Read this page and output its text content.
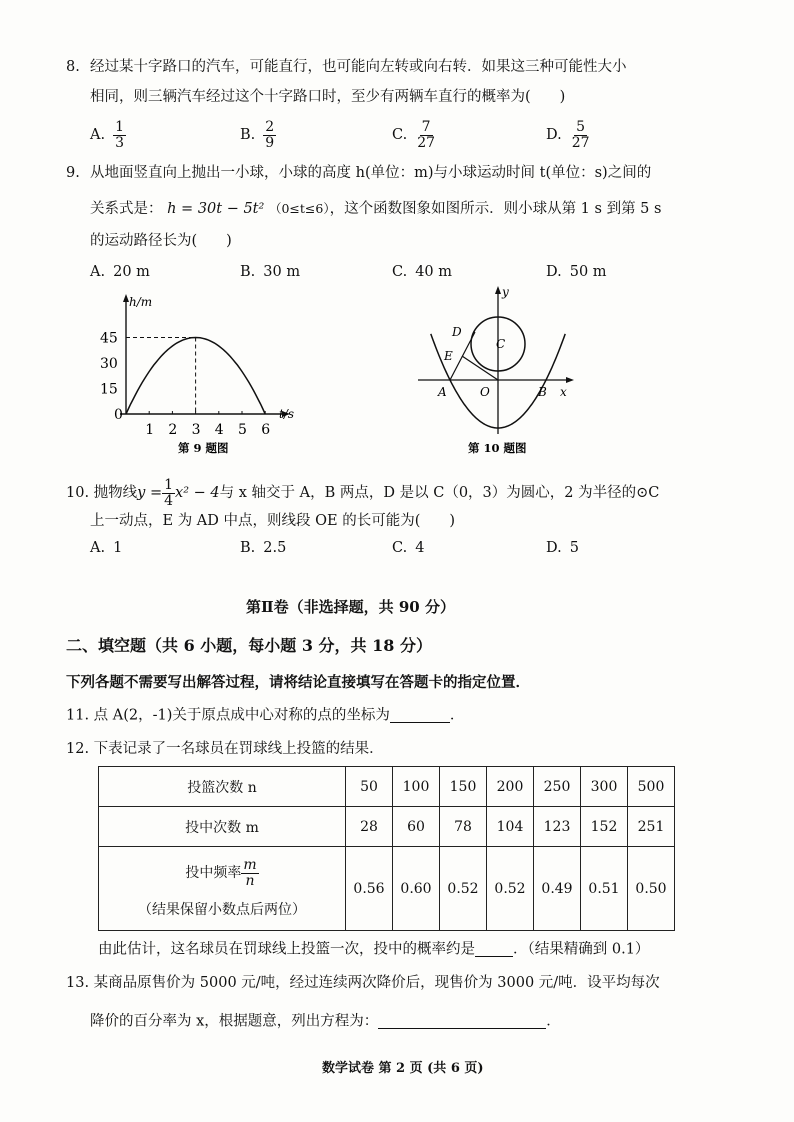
8. 经过某十字路口的汽车，可能直行，也可能向左转或向右转．如果这三种可能性大小
相同，则三辆汽车经过这个十字路口时，至少有两辆车直行的概率为(　　)
A. $\frac{1}{3}$	B. $\frac{2}{9}$	C. $\frac{7}{27}$	D. $\frac{5}{27}$
9. 从地面竖直向上抛出一小球，小球的高度 h(单位：m)与小球运动时间 t(单位：s)之间的
关系式是： h = 30t − 5t² （0≤t≤6），这个函数图象如图所示．则小球从第 1 s 到第 5 s
的运动路径长为(　　)
A. 20 m	B. 30 m	C. 40 m	D. 50 m
1 2 3 4 5 6
45
30
15
h/m
t/s
0
第 9 题图
y
x
A	B
O
C
D
E
第 10 题图
10. 抛物线$y = \frac{1}{4} x^2 - 4$与 x 轴交于 A，B 两点，D 是以 C（0，3）为圆心，2 为半径的⊙C
上一动点，E 为 AD 中点，则线段 OE 的长可能为(　　)
A. 1	B. 2.5	C. 4	D. 5
第Ⅱ卷（非选择题，共 90 分）
二、填空题（共 6 小题，每小题 3 分，共 18 分）
下列各题不需要写出解答过程，请将结论直接填写在答题卡的指定位置．
11. 点 A(2，-1)关于原点成中心对称的点的坐标为	．
12. 下表记录了一名球员在罚球线上投篮的结果．
投篮次数 n	50	100	150	200	250	300	500
投中次数 m	28	60	78	104	123	152	251

投中频率 $\frac{m}{n}$
（结果保留小数点后两位）	0.56	0.60	0.52	0.52	0.49	0.51	0.50
由此估计，这名球员在罚球线上投篮一次，投中的概率约是	．（结果精确到 0.1）
13. 某商品原售价为 5000 元/吨，经过连续两次降价后，现售价为 3000 元/吨．设平均每次
降价的百分率为 x，根据题意，列出方程为：	．
数学试卷 第 2 页 (共 6 页)
